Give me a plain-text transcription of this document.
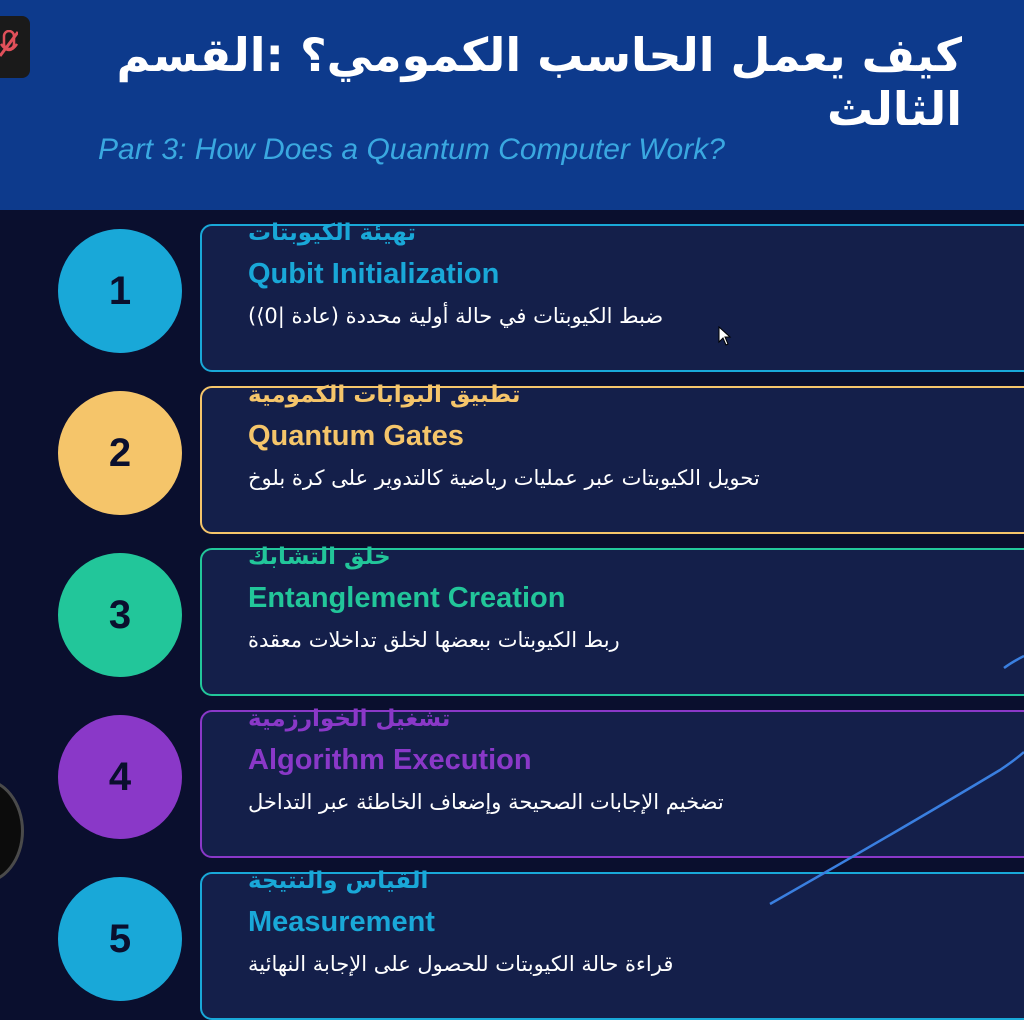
كيف يعمل الحاسب الكمومي؟ :القسم الثالث
Part 3: How Does a Quantum Computer Work?
1
تهيئة الكيوبتات
Qubit Initialization
ضبط الكيوبتات في حالة أولية محددة (عادة |0⟩)
2
تطبيق البوابات الكمومية
Quantum Gates
تحويل الكيوبتات عبر عمليات رياضية كالتدوير على كرة بلوخ
3
خلق التشابك
Entanglement Creation
ربط الكيوبتات ببعضها لخلق تداخلات معقدة
4
تشغيل الخوارزمية
Algorithm Execution
تضخيم الإجابات الصحيحة وإضعاف الخاطئة عبر التداخل
5
القياس والنتيجة
Measurement
قراءة حالة الكيوبتات للحصول على الإجابة النهائية
